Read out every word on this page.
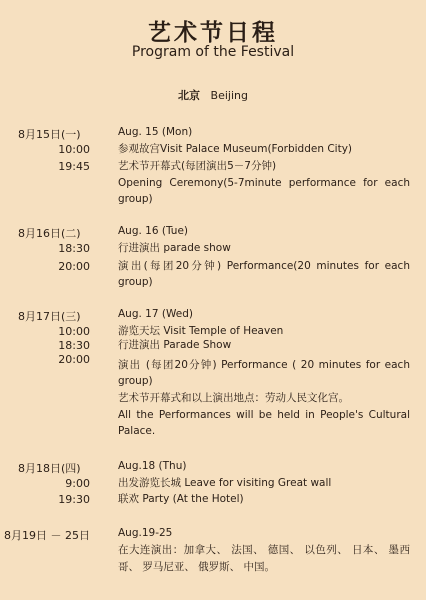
艺术节日程
Program of the Festival
北京 Beijing
8月15日(一)	Aug. 15 (Mon)
10:00	参观故宫Visit Palace Museum(Forbidden City)
19:45	艺术节开幕式(每团演出5－7分钟)
Opening Ceremony(5-7minute performance for each group)
8月16日(二)	Aug. 16 (Tue)
18:30	行进演出 parade show
20:00	演出(每团20分钟) Performance(20 minutes for each group)
8月17日(三)	Aug. 17 (Wed)
10:00	游览天坛 Visit Temple of Heaven
18:30	行进演出 Parade Show
20:00	演出 (每团20分钟) Performance ( 20 minutes for each group)
艺术节开幕式和以上演出地点：劳动人民文化宫。
All the Performances will be held in People's Cultural Palace.
8月18日(四)	Aug.18 (Thu)
9:00	出发游览长城 Leave for visiting Great wall
19:30	联欢 Party (At the Hotel)
8月19日 － 25日	Aug.19-25
在大连演出：加拿大、 法国、 德国、 以色列、 日本、 墨西哥、 罗马尼亚、 俄罗斯、 中国。
